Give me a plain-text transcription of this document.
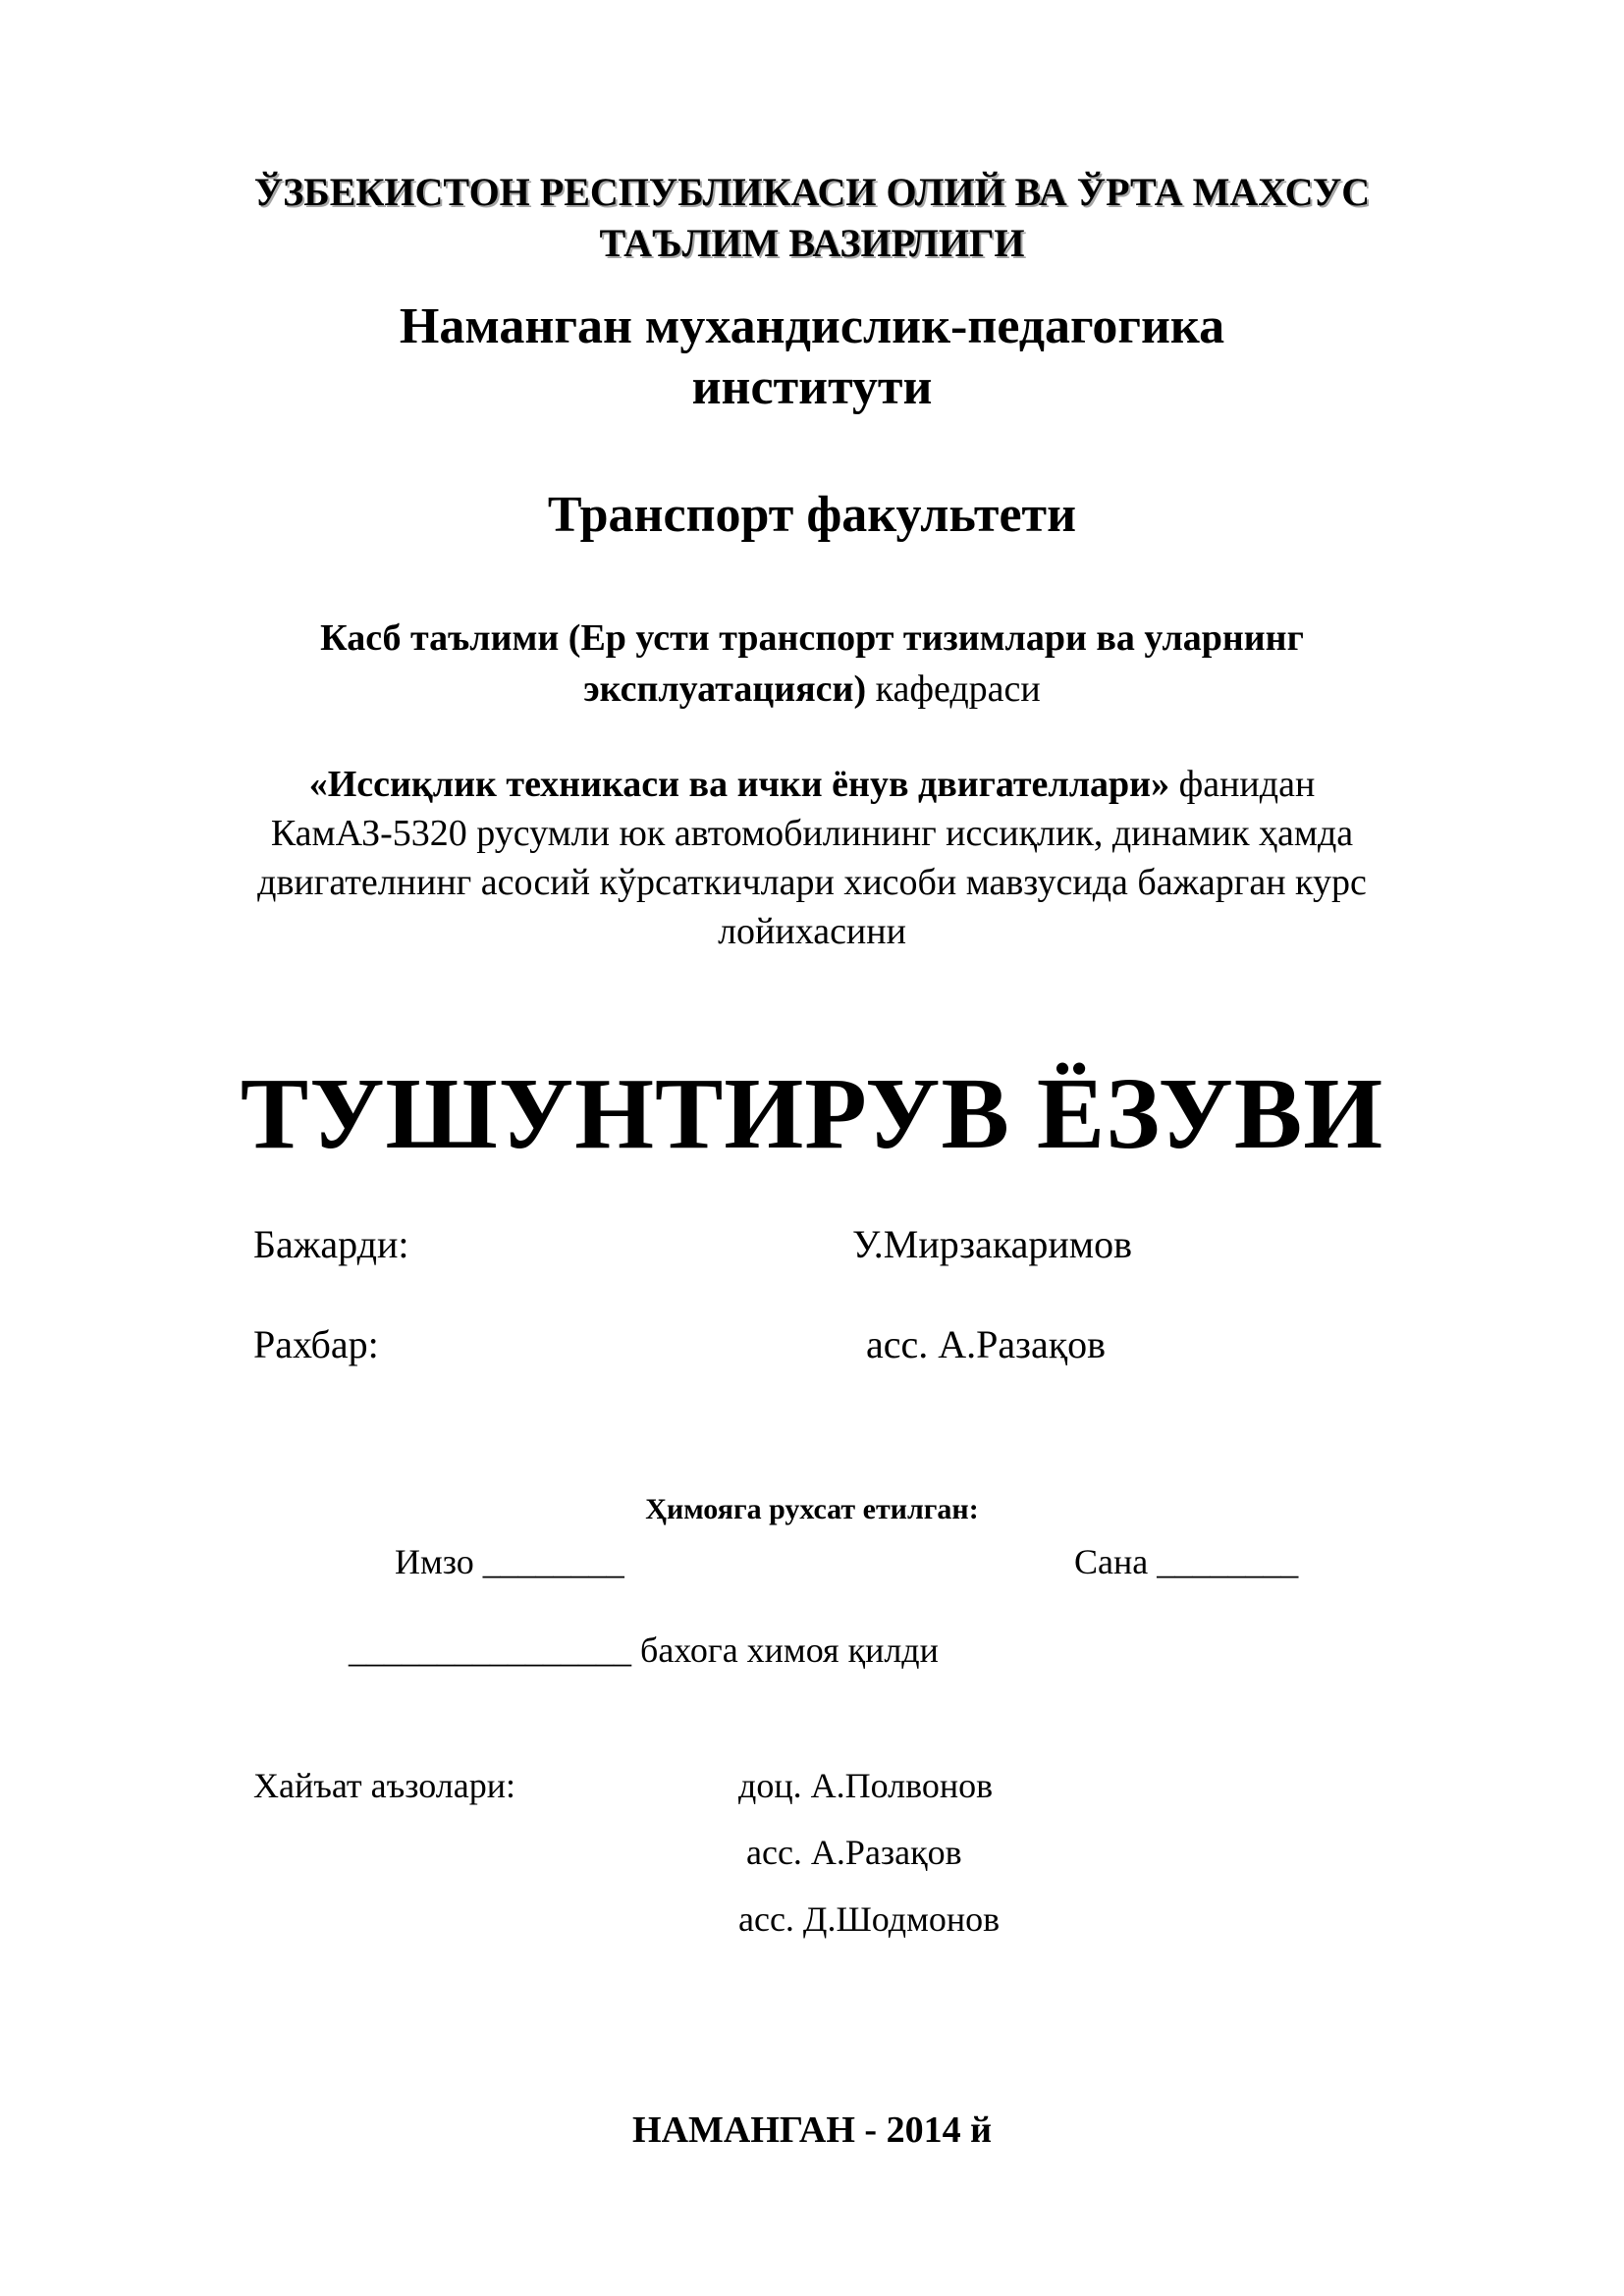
ЎЗБЕКИСТОН РЕСПУБЛИКАСИ ОЛИЙ ВА ЎРТА МАХСУС
ТАЪЛИМ ВАЗИРЛИГИ
Наманган мухандислик-педагогика
институти
Транспорт факультети
Касб таълими (Ер усти транспорт тизимлари ва уларнинг
эксплуатацияси) кафедраси
«Иссиқлик техникаси ва ички ёнув двигателлари» фанидан
КамАЗ-5320 русумли юк автомобилининг иссиқлик, динамик ҳамда
двигателнинг асосий кўрсаткичлари хисоби мавзусида бажарган курс
лойихасини
ТУШУНТИРУВ ЁЗУВИ
Бажарди:	У.Мирзакаримов
Рахбар:	асс. А.Разақов
Ҳимояга рухсат етилган:
Имзо ________	Сана ________
________________ бахога химоя қилди
Хайъат аъзолари:	доц. А.Полвонов
асс. А.Разақов
асс. Д.Шодмонов
НАМАНГАН - 2014 й
